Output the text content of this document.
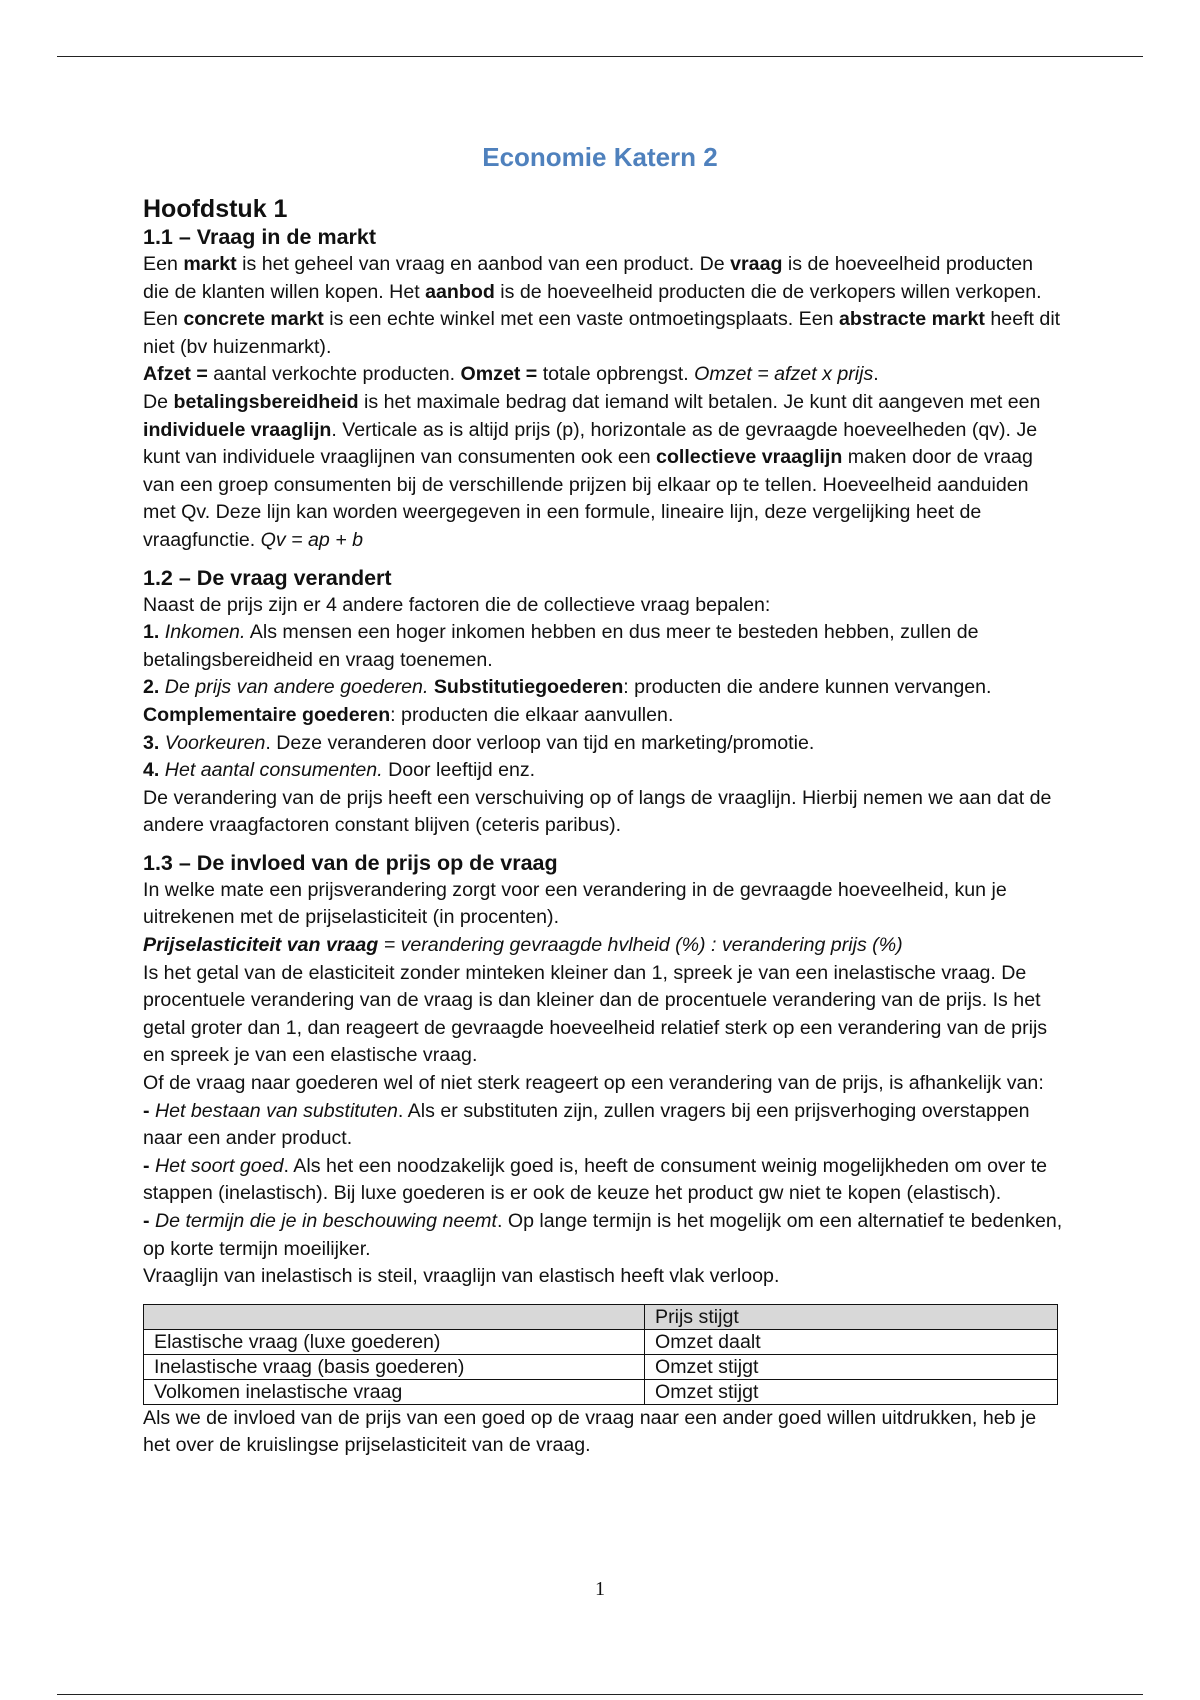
Economie Katern 2
Hoofdstuk 1
1.1 – Vraag in de markt

Een markt is het geheel van vraag en aanbod van een product. De vraag is de hoeveelheid producten die de klanten willen kopen. Het aanbod is de hoeveelheid producten die de verkopers willen verkopen. Een concrete markt is een echte winkel met een vaste ontmoetingsplaats. Een abstracte markt heeft dit niet (bv huizenmarkt).

Afzet = aantal verkochte producten. Omzet = totale opbrengst. Omzet = afzet x prijs.

De betalingsbereidheid is het maximale bedrag dat iemand wilt betalen. Je kunt dit aangeven met een individuele vraaglijn. Verticale as is altijd prijs (p), horizontale as de gevraagde hoeveelheden (qv). Je kunt van individuele vraaglijnen van consumenten ook een collectieve vraaglijn maken door de vraag van een groep consumenten bij de verschillende prijzen bij elkaar op te tellen. Hoeveelheid aanduiden met Qv. Deze lijn kan worden weergegeven in een formule, lineaire lijn, deze vergelijking heet de vraagfunctie. Qv = ap + b

1.2 – De vraag verandert

Naast de prijs zijn er 4 andere factoren die de collectieve vraag bepalen:

1. Inkomen. Als mensen een hoger inkomen hebben en dus meer te besteden hebben, zullen de betalingsbereidheid en vraag toenemen.

2. De prijs van andere goederen. Substitutiegoederen: producten die andere kunnen vervangen. Complementaire goederen: producten die elkaar aanvullen.

3. Voorkeuren. Deze veranderen door verloop van tijd en marketing/promotie.

4. Het aantal consumenten. Door leeftijd enz.

De verandering van de prijs heeft een verschuiving op of langs de vraaglijn. Hierbij nemen we aan dat de andere vraagfactoren constant blijven (ceteris paribus).

1.3 – De invloed van de prijs op de vraag

In welke mate een prijsverandering zorgt voor een verandering in de gevraagde hoeveelheid, kun je uitrekenen met de prijselasticiteit (in procenten).

Prijselasticiteit van vraag = verandering gevraagde hvlheid (%) : verandering prijs (%)

Is het getal van de elasticiteit zonder minteken kleiner dan 1, spreek je van een inelastische vraag. De procentuele verandering van de vraag is dan kleiner dan de procentuele verandering van de prijs. Is het getal groter dan 1, dan reageert de gevraagde hoeveelheid relatief sterk op een verandering van de prijs en spreek je van een elastische vraag.

Of de vraag naar goederen wel of niet sterk reageert op een verandering van de prijs, is afhankelijk van:

- Het bestaan van substituten. Als er substituten zijn, zullen vragers bij een prijsverhoging overstappen naar een ander product.

- Het soort goed. Als het een noodzakelijk goed is, heeft de consument weinig mogelijkheden om over te stappen (inelastisch). Bij luxe goederen is er ook de keuze het product gw niet te kopen (elastisch).

- De termijn die je in beschouwing neemt. Op lange termijn is het mogelijk om een alternatief te bedenken, op korte termijn moeilijker.

Vraaglijn van inelastisch is steil, vraaglijn van elastisch heeft vlak verloop.

	Prijs stijgt
Elastische vraag (luxe goederen)	Omzet daalt
Inelastische vraag (basis goederen)	Omzet stijgt
Volkomen inelastische vraag	Omzet stijgt

Als we de invloed van de prijs van een goed op de vraag naar een ander goed willen uitdrukken, heb je het over de kruislingse prijselasticiteit van de vraag.

1
